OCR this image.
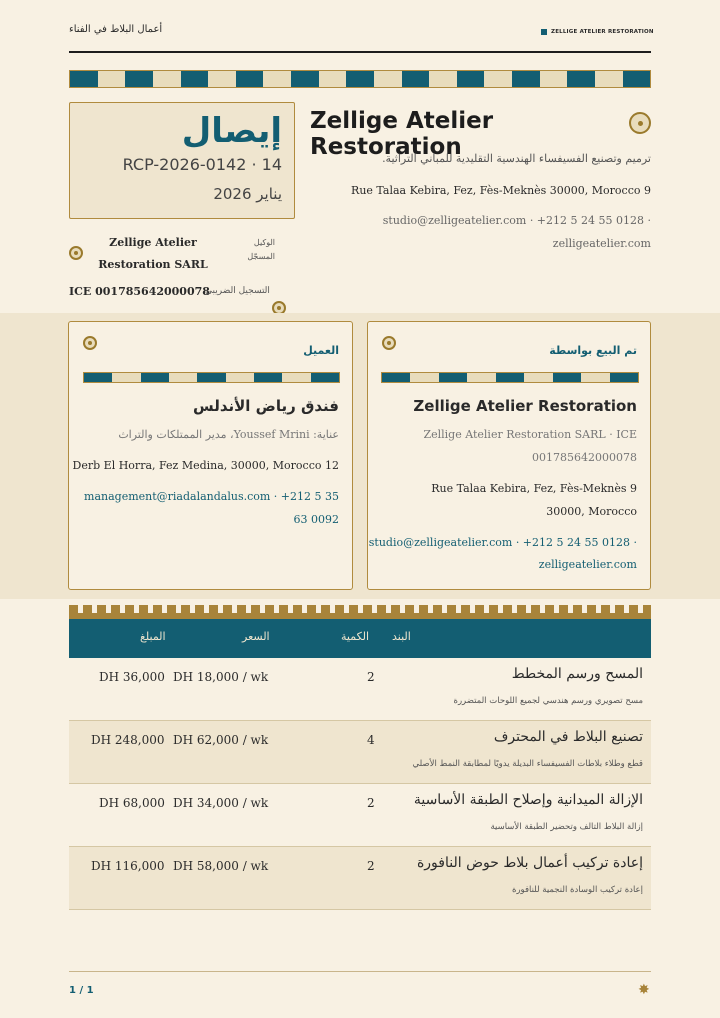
أعمال البلاط في الفناء	ZELLIGE ATELIER RESTORATION
إيصال
RCP-2026-0142 · 14
يناير 2026
الوكيل المسجّل
Zellige Atelier Restoration SARL
ICE 001785642000078
التسجيل الضريبي
Zellige Atelier Restoration
ترميم وتصنيع الفسيفساء الهندسية التقليدية للمباني التراثية.
Rue Talaa Kebira, Fez, Fès-Meknès 30000, Morocco 9
studio@zelligeatelier.com · +212 5 24 55 0128 ·
zelligeatelier.com
العميل
فندق رياض الأندلس
عناية: Youssef Mrini، مدير الممتلكات والتراث
Derb El Horra, Fez Medina, 30000, Morocco 12
management@riadalandalus.com · +212 5 35
63 0092
تم البيع بواسطة
Zellige Atelier Restoration
Zellige Atelier Restoration SARL · ICE
001785642000078
Rue Talaa Kebira, Fez, Fès-Meknès 9
30000, Morocco
studio@zelligeatelier.com · +212 5 24 55 0128 ·
zelligeatelier.com
المبلغ	السعر	الكمية البند
DH 36,000 DH 18,000 / wk	2	المسح ورسم المخطط
مسح تصويري ورسم هندسي لجميع اللوحات المتضررة
DH 248,000 DH 62,000 / wk	4	تصنيع البلاط في المحترف
قطع وطلاء بلاطات الفسيفساء البديلة يدويًا لمطابقة النمط الأصلي
DH 68,000 DH 34,000 / wk	2	الإزالة الميدانية وإصلاح الطبقة الأساسية
إزالة البلاط التالف وتحضير الطبقة الأساسية
DH 116,000 DH 58,000 / wk	2	إعادة تركيب أعمال بلاط حوض النافورة
إعادة تركيب الوسادة النجمية للنافورة
1 / 1	✸
